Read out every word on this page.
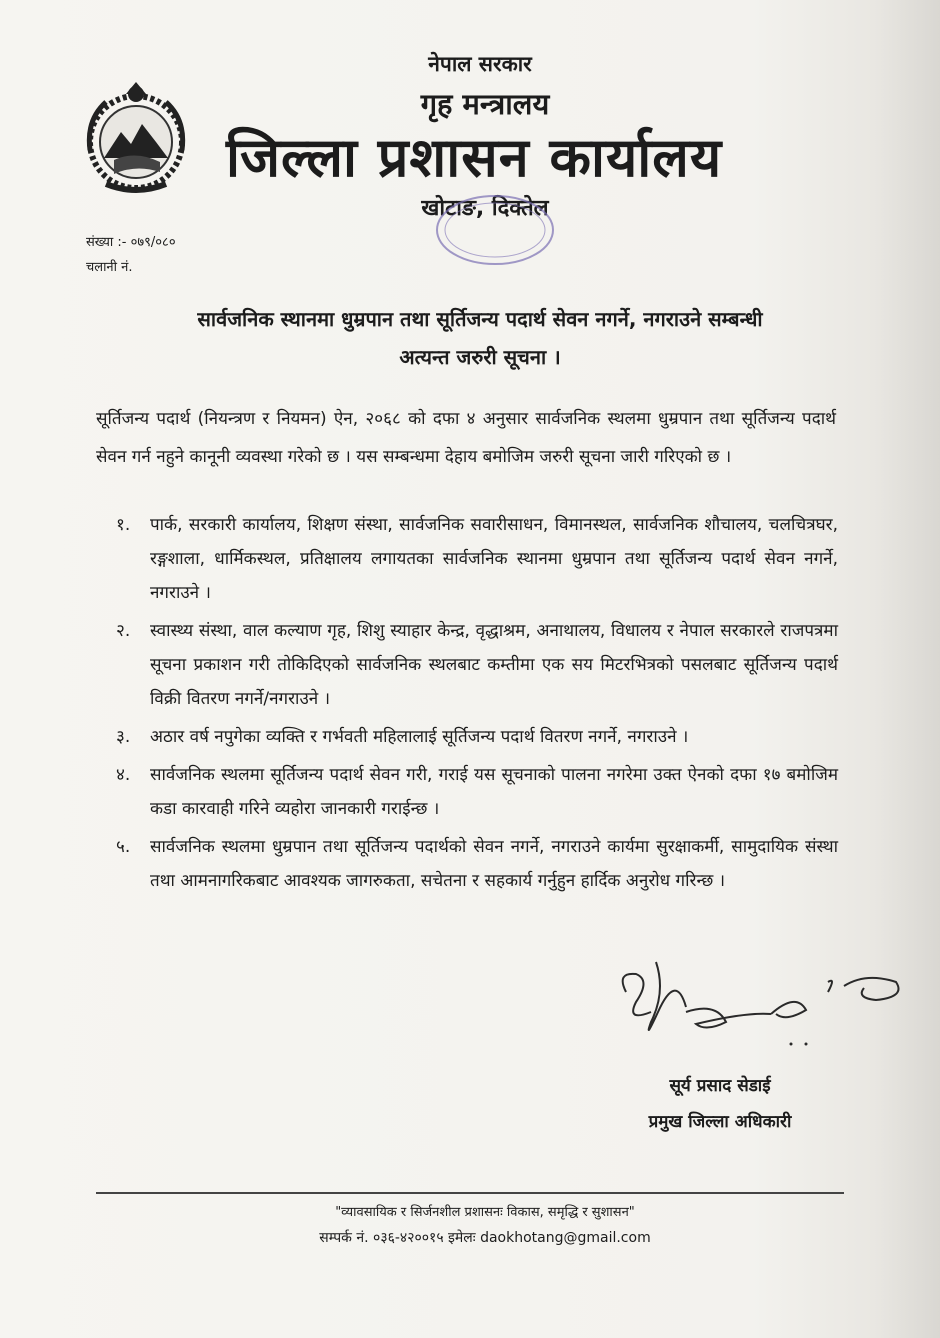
नेपाल सरकार
गृह मन्त्रालय
जिल्ला प्रशासन कार्यालय
खोटाङ, दिक्तेल
संख्या :- ०७९/०८०
चलानी नं.
सार्वजनिक स्थानमा धुम्रपान तथा सूर्तिजन्य पदार्थ सेवन नगर्ने, नगराउने सम्बन्धी
अत्यन्त जरुरी सूचना ।
सूर्तिजन्य पदार्थ (नियन्त्रण र नियमन) ऐन, २०६८ को दफा ४ अनुसार सार्वजनिक स्थलमा धुम्रपान तथा सूर्तिजन्य पदार्थ सेवन गर्न नहुने कानूनी व्यवस्था गरेको छ । यस सम्बन्धमा देहाय बमोजिम जरुरी सूचना जारी गरिएको छ ।
१.	पार्क, सरकारी कार्यालय, शिक्षण संस्था, सार्वजनिक सवारीसाधन, विमानस्थल, सार्वजनिक शौचालय, चलचित्रघर, रङ्गशाला, धार्मिकस्थल, प्रतिक्षालय लगायतका सार्वजनिक स्थानमा धुम्रपान तथा सूर्तिजन्य पदार्थ सेवन नगर्ने, नगराउने ।
२.	स्वास्थ्य संस्था, वाल कल्याण गृह, शिशु स्याहार केन्द्र, वृद्धाश्रम, अनाथालय, विधालय र नेपाल सरकारले राजपत्रमा सूचना प्रकाशन गरी तोकिदिएको सार्वजनिक स्थलबाट कम्तीमा एक सय मिटरभित्रको पसलबाट सूर्तिजन्य पदार्थ विक्री वितरण नगर्ने/नगराउने ।
३.	अठार वर्ष नपुगेका व्यक्ति र गर्भवती महिलालाई सूर्तिजन्य पदार्थ वितरण नगर्ने, नगराउने ।
४.	सार्वजनिक स्थलमा सूर्तिजन्य पदार्थ सेवन गरी, गराई यस सूचनाको पालना नगरेमा उक्त ऐनको दफा १७ बमोजिम कडा कारवाही गरिने व्यहोरा जानकारी गराईन्छ ।
५.	सार्वजनिक स्थलमा धुम्रपान तथा सूर्तिजन्य पदार्थको सेवन नगर्ने, नगराउने कार्यमा सुरक्षाकर्मी, सामुदायिक संस्था तथा आमनागरिकबाट आवश्यक जागरुकता, सचेतना र सहकार्य गर्नुहुन हार्दिक अनुरोध गरिन्छ ।
सूर्य प्रसाद सेडाई
प्रमुख जिल्ला अधिकारी
"व्यावसायिक र सिर्जनशील प्रशासनः विकास, समृद्धि र सुशासन"
सम्पर्क नं. ०३६-४२००१५ इमेलः daokhotang@gmail.com
